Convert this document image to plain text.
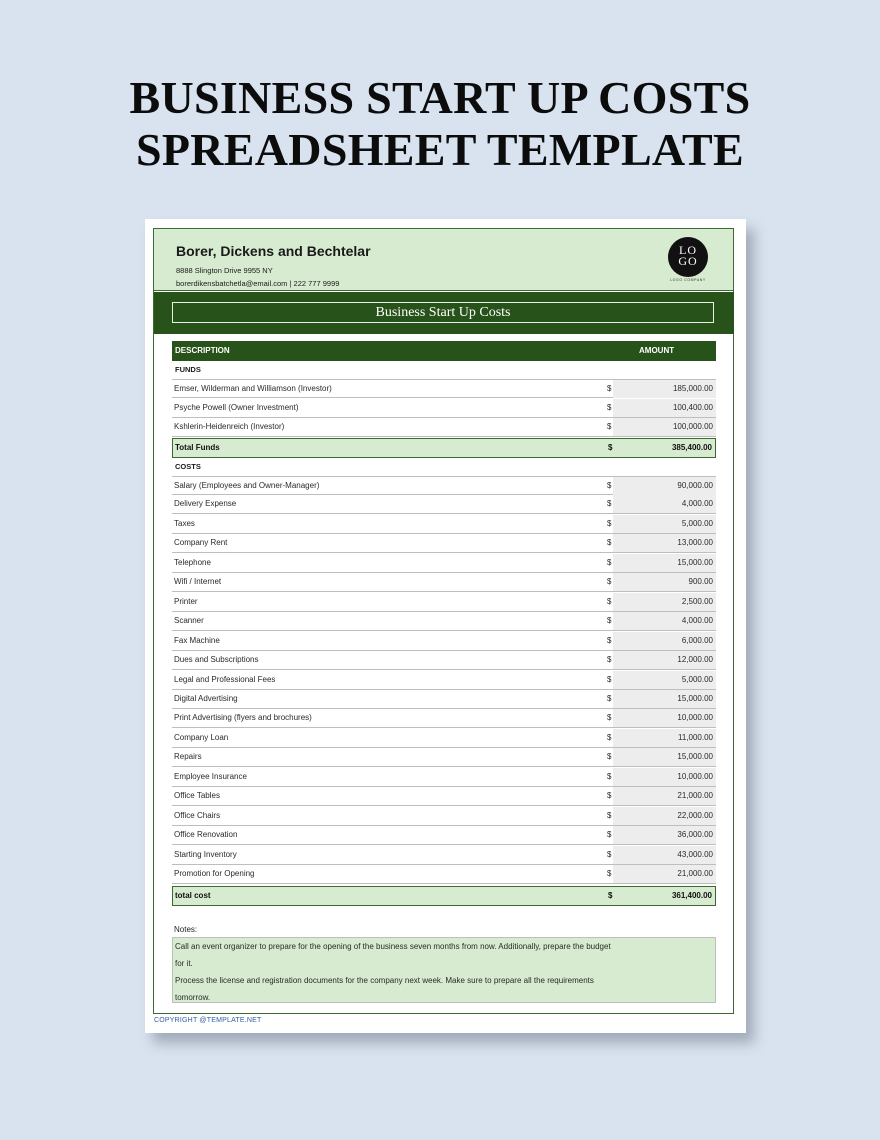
BUSINESS START UP COSTS
SPREADSHEET TEMPLATE
Borer, Dickens and Bechtelar
8888 Slington Drive 9955 NY
borerdikensbatchetla@email.com | 222 777 9999
LO
GO
LOGO COMPANY
Business Start Up Costs
DESCRIPTION	AMOUNT
FUNDS
Emser, Wilderman and Williamson (Investor)	$	185,000.00
Psyche Powell (Owner Investment)	$	100,400.00
Kshlerin-Heidenreich (Investor)	$	100,000.00
Total Funds	$	385,400.00
COSTS
Salary (Employees and Owner-Manager)	$	90,000.00
Delivery Expense	$	4,000.00
Taxes	$	5,000.00
Company Rent	$	13,000.00
Telephone	$	15,000.00
Wifi / Internet	$	900.00
Printer	$	2,500.00
Scanner	$	4,000.00
Fax Machine	$	6,000.00
Dues and Subscriptions	$	12,000.00
Legal and Professional Fees	$	5,000.00
Digital Advertising	$	15,000.00
Print Advertising (flyers and brochures)	$	10,000.00
Company Loan	$	11,000.00
Repairs	$	15,000.00
Employee Insurance	$	10,000.00
Office Tables	$	21,000.00
Office Chairs	$	22,000.00
Office Renovation	$	36,000.00
Starting Inventory	$	43,000.00
Promotion for Opening	$	21,000.00
total cost	$	361,400.00
Notes:
Call an event organizer to prepare for the opening of the business seven months from now. Additionally, prepare the budget
for it.
Process the license and registration documents for the company next week. Make sure to prepare all the requirements
tomorrow.
COPYRIGHT @TEMPLATE.NET
